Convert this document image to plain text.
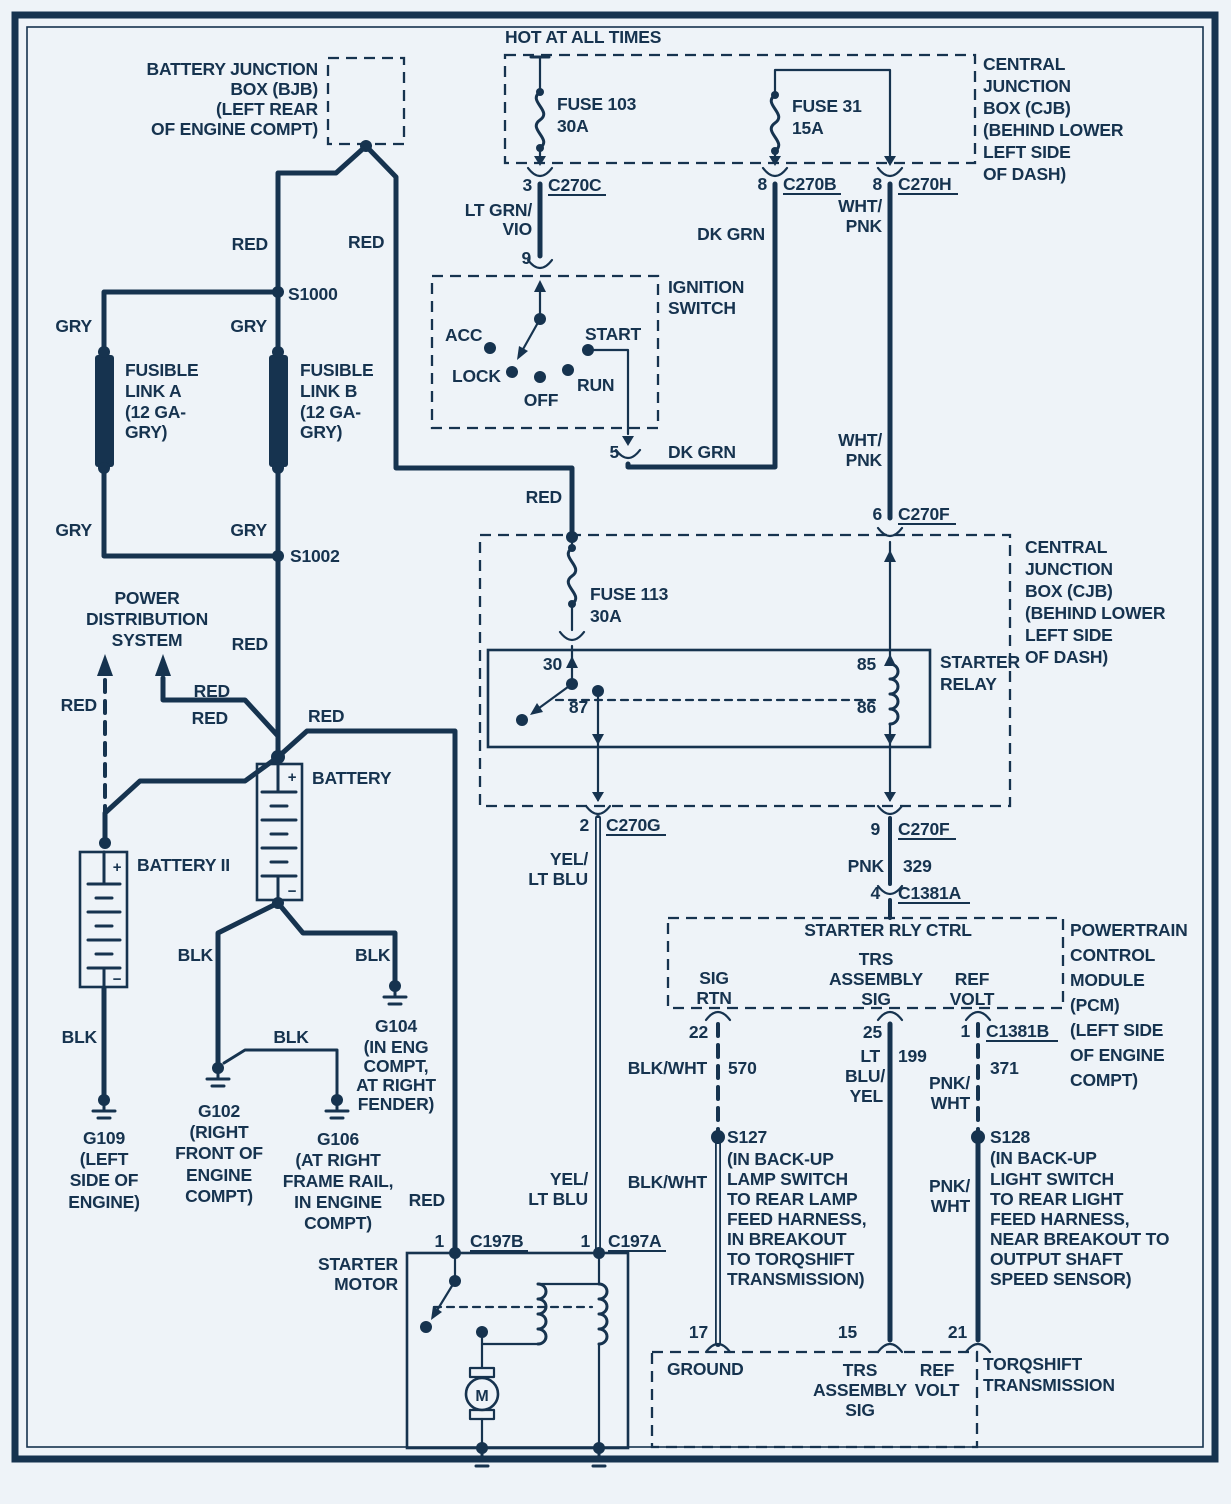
HOT AT ALL TIMES
CENTRAL
JUNCTION
BOX (CJB)
(BEHIND LOWER
LEFT SIDE
OF DASH)
FUSE 103
30A
FUSE 31
15A
3 C270C	8 C270B 8 C270H
LT GRN/
VIO
WHT/
PNK
DK GRN
BATTERY JUNCTION
BOX (BJB)
(LEFT REAR
OF ENGINE COMPT)
RED	RED
RED
S1000
GRY	GRY
FUSIBLE
LINK A
(12 GA-
GRY)
FUSIBLE
LINK B
(12 GA-
GRY)
GRY	GRY
S1002
RED
POWER
DISTRIBUTION
SYSTEM
RED
RED
RED	RED
+
−
BATTERY
+
−
BATTERY II
BLK	BLK
BLK
BLK
G109
(LEFT
SIDE OF
ENGINE)
G102
(RIGHT
FRONT OF
ENGINE
COMPT)
G104
(IN ENG
COMPT,
AT RIGHT
FENDER)
G106
(AT RIGHT
FRAME RAIL,
IN ENGINE
COMPT)
9
IGNITION
SWITCH
ACC
LOCK
OFF
RUN
START
5	DK GRN
WHT/
PNK
6 C270F
CENTRAL
JUNCTION
BOX (CJB)
(BEHIND LOWER
LEFT SIDE
OF DASH)
FUSE 113
30A
STARTER
RELAY
30	85
87	86
2 C270G	9 C270F
YEL/
LT BLU
YEL/
LT BLU
PNK 329
4 C1381A
STARTER RLY CTRL
SIG
RTN
TRS
ASSEMBLY
SIG
REF
VOLT
POWERTRAIN
CONTROL
MODULE
(PCM)
(LEFT SIDE
OF ENGINE
COMPT)
22	25	1 C1381B
BLK/WHT 570
S127
(IN BACK-UP
LAMP SWITCH
TO REAR LAMP
FEED HARNESS,
IN BREAKOUT
TO TORQSHIFT
TRANSMISSION)
BLK/WHT
17
LT 199
BLU/
YEL
15
PNK/
WHT
371
S128
(IN BACK-UP
LIGHT SWITCH
TO REAR LIGHT
FEED HARNESS,
NEAR BREAKOUT TO
OUTPUT SHAFT
SPEED SENSOR)
PNK/
WHT
21
GROUND	TRS
ASSEMBLY
SIG
REF
VOLT
TORQSHIFT
TRANSMISSION
RED
STARTER
MOTOR
1 C197B	1 C197A
M
